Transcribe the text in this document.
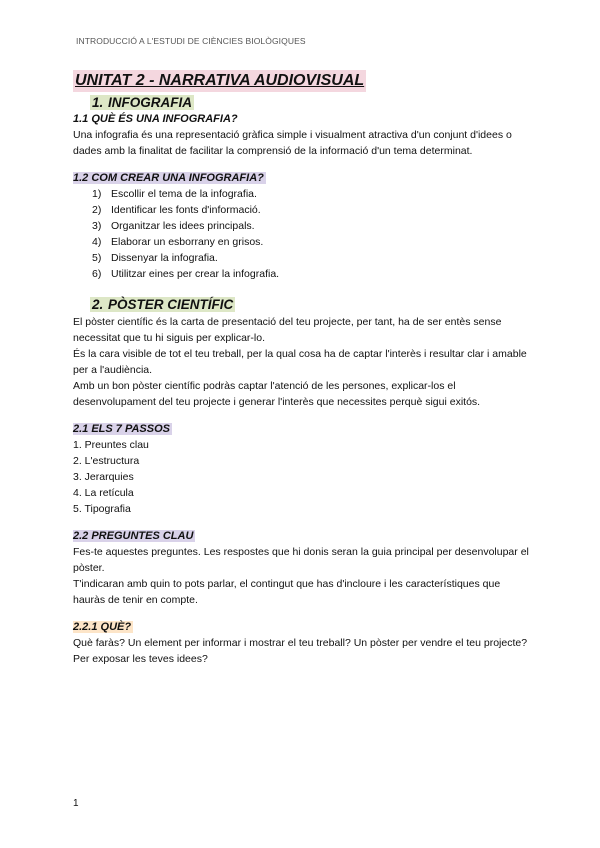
INTRODUCCIÓ A L'ESTUDI DE CIÈNCIES BIOLÒGIQUES
UNITAT 2 - NARRATIVA AUDIOVISUAL
1. INFOGRAFIA
1.1 QUÈ ÉS UNA INFOGRAFIA?

Una infografia és una representació gràfica simple i visualment atractiva d'un conjunt d'idees o dades amb la finalitat de facilitar la comprensió de la informació d'un tema determinat.

1.2 COM CREAR UNA INFOGRAFIA?
1) Escollir el tema de la infografia.
2) Identificar les fonts d'informació.
3) Organitzar les idees principals.
4) Elaborar un esborrany en grisos.
5) Dissenyar la infografia.
6) Utilitzar eines per crear la infografia.
2. PÒSTER CIENTÍFIC

El pòster científic és la carta de presentació del teu projecte, per tant, ha de ser entès sense necessitat que tu hi siguis per explicar-lo.

És la cara visible de tot el teu treball, per la qual cosa ha de captar l'interès i resultar clar i amable per a l'audiència.

Amb un bon pòster científic podràs captar l'atenció de les persones, explicar-los el desenvolupament del teu projecte i generar l'interès que necessites perquè sigui exitós.

2.1 ELS 7 PASSOS
1. Preuntes clau
2. L'estructura
3. Jerarquies
4. La retícula
5. Tipografia
2.2 PREGUNTES CLAU

Fes-te aquestes preguntes. Les respostes que hi donis seran la guia principal per desenvolupar el pòster.

T'indicaran amb quin to pots parlar, el contingut que has d'incloure i les característiques que hauràs de tenir en compte.

2.2.1 QUÈ?

Què faràs? Un element per informar i mostrar el teu treball? Un pòster per vendre el teu projecte? Per exposar les teves idees?

1
